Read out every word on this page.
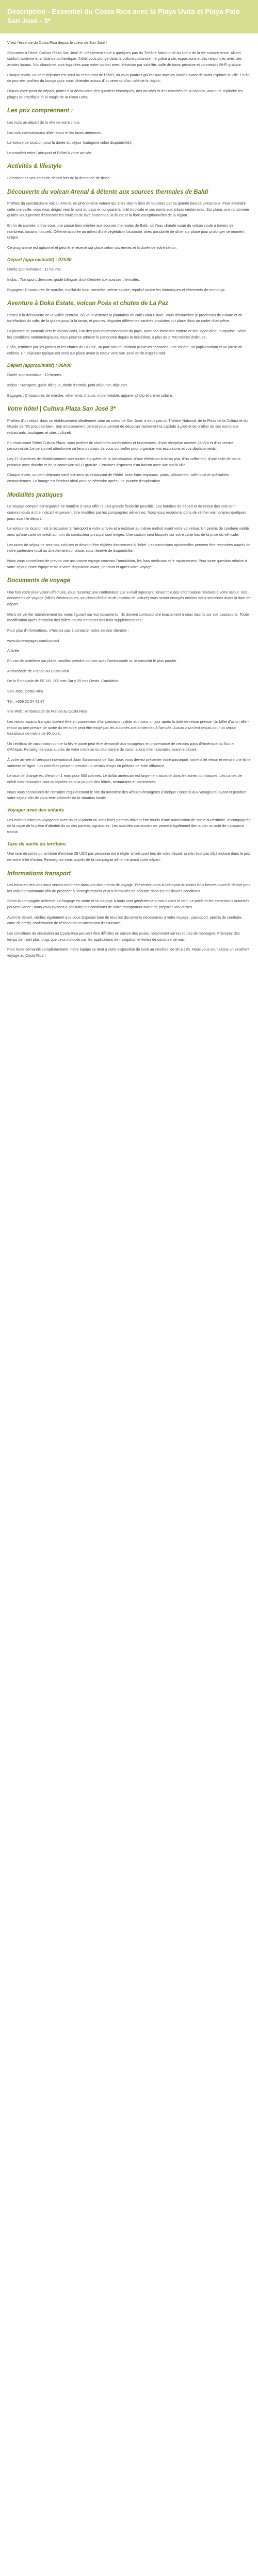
Description - Essentiel du Costa Rica avec la Playa Uvita et Playa Palo San José - 3*

Vivez l'essence du Costa Rica depuis le coeur de San José !

Séjournez à l'Hotel Cultura Plaza San José 3*, idéalement situé à quelques pas du Théâtre National et au coeur de la vie costaricienne. Alliant confort moderne et ambiance authentique, l'hôtel vous plonge dans la culture costaricienne grâce à ses expositions et ses rencontres avec des artistes locaux. Vos chambres sont équipées pour votre confort avec télévision par satellite, salle de bains privative et connexion Wi-Fi gratuite.

Chaque matin, un petit-déjeuner est servi au restaurant de l'hôtel, où vous pourrez goûter aux saveurs locales avant de partir explorer la ville. En fin de journée, profitez du lounge pour vous détendre autour d'un verre ou d'un café de la région.

Depuis votre point de départ, partez à la découverte des quartiers historiques, des musées et des marchés de la capitale, avant de rejoindre les plages du Pacifique et la magie de la Playa Uvita.

Les prix comprennent :

Les nuits au départ de la ville de votre choix.

Les vols internationaux aller-retour et les taxes aériennes.

La voiture de location pour la durée du séjour (catégorie selon disponibilité).

Le transfert entre l'aéroport et l'hôtel à votre arrivée.

Activités & lifestyle

Sélectionnez vos dates de départ lors de la demande de devis.

Découverte du volcan Arenal & détente aux sources thermales de Baldi

Profitez du spectaculaire volcan Arenal, un phénomène naturel qui attire des milliers de touristes par sa grande beauté volcanique. Pour atteindre cette merveille, vous vous dirigez vers le nord du pays en longeant la forêt tropicale et ses nombreux arbres centenaires. Sur place, une randonnée guidée vous permet d'observer les coulées de lave anciennes, la faune et la flore exceptionnelles de la région.

En fin de journée, offrez-vous une pause bien méritée aux sources thermales de Baldi, où l'eau chaude issue du volcan coule à travers de nombreux bassins naturels. Détente assurée au milieu d'une végétation luxuriante, avec possibilité de dîner sur place pour prolonger ce moment unique.

Ce programme est optionnel et peut être réservé sur place selon vos envies et la durée de votre séjour.

Départ (approximatif) : 07h30

Durée approximative : 11 heures.

Inclus : Transport, déjeuner, guide bilingue, droit d'entrée aux sources thermales.

Bagages : Chaussures de marche, maillot de bain, serviette, crème solaire, répulsif contre les moustiques et vêtements de rechange.

Aventure à Doka Estate, volcan Poás et chutes de La Paz

Partez à la découverte de la vallée centrale, où vous visiterez la plantation de café Doka Estate. Vous découvrirez le processus de culture et de torréfaction du café, de la graine jusqu'à la tasse, et pourrez déguster différentes variétés produites sur place dans un cadre champêtre.

La journée se poursuit vers le volcan Poás, l'un des plus impressionnants du pays, avec son immense cratère et son lagon d'eau turquoise. Selon les conditions météorologiques, vous pourrez admirer le panorama depuis le belvédère, à plus de 2 700 mètres d'altitude.

Enfin, terminez par les jardins et les chutes de La Paz, un parc naturel abritant plusieurs cascades, une volière, un papillonarium et un jardin de colibris. Un déjeuner typique est servi sur place avant le retour vers San José en fin d'après-midi.

Départ (approximatif) : 06h00

Durée approximative : 10 heures.

Inclus : Transport, guide bilingue, droits d'entrée, petit-déjeuner, déjeuner.

Bagages : Chaussures de marche, vêtements chauds, imperméable, appareil photo et crème solaire.

Votre hôtel | Cultura Plaza San José 3*

Profitez d'un séjour dans un établissement idéalement situé au coeur de San José, à deux pas du Théâtre National, de la Plaza de la Cultura et du Musée de l'Or précolombien. Son emplacement central vous permet de découvrir facilement la capitale à pied et de profiter de ses nombreux restaurants, boutiques et sites culturels.

En choisissant l'hôtel Cultura Plaza, vous profitez de chambres confortables et lumineuses, d'une réception ouverte 24h/24 et d'un service personnalisé. Le personnel attentionné se fera un plaisir de vous conseiller pour organiser vos excursions et vos déplacements.

Les 27 chambres de l'établissement sont toutes équipées de la climatisation, d'une télévision à écran plat, d'un coffre-fort, d'une salle de bains privative avec douche et de la connexion Wi-Fi gratuite. Certaines disposent d'un balcon avec vue sur la ville.

Chaque matin, un petit-déjeuner varié est servi au restaurant de l'hôtel, avec fruits tropicaux, pains, pâtisseries, café local et spécialités costariciennes. Le lounge est l'endroit idéal pour se détendre après une journée d'exploration.

Modalités pratiques

Le voyage complet est organisé de manière à vous offrir la plus grande flexibilité possible. Les horaires de départ et de retour des vols sont communiqués à titre indicatif et peuvent être modifiés par les compagnies aériennes. Nous vous recommandons de vérifier vos horaires quelques jours avant le départ.

La voiture de location est à récupérer à l'aéroport à votre arrivée et à restituer au même endroit avant votre vol retour. Un permis de conduire valide ainsi qu'une carte de crédit au nom du conducteur principal sont exigés. Une caution sera bloquée sur votre carte lors de la prise du véhicule.

Les taxes de séjour ne sont pas incluses et devront être réglées directement à l'hôtel. Les excursions optionnelles peuvent être réservées auprès de notre partenaire local ou directement sur place, sous réserve de disponibilité.

Nous vous conseillons de prévoir une assurance voyage couvrant l'annulation, les frais médicaux et le rapatriement. Pour toute question relative à votre séjour, notre équipe reste à votre disposition avant, pendant et après votre voyage.

Documents de voyage

Une fois votre réservation effectuée, vous recevrez une confirmation par e-mail reprenant l'ensemble des informations relatives à votre séjour. Vos documents de voyage (billets électroniques, vouchers d'hôtel et de location de voiture) vous seront envoyés environ deux semaines avant la date de départ.

Merci de vérifier attentivement les noms figurant sur vos documents : ils doivent correspondre exactement à ceux inscrits sur vos passeports. Toute modification après émission des billets pourra entraîner des frais supplémentaires.

Pour plus d'informations, n'hésitez pas à contacter notre service clientèle :

www.dunevoyages.com/contact

Arrivée

En cas de problème sur place, veuillez prendre contact avec l'ambassade ou le consulat le plus proche.

Ambassade de France au Costa Rica

De la Embajada de EE.UU. 200 mts Sur y 25 mts Oeste, Curridabat

San José, Costa Rica

Tél : +506 22 34 41 67

Site Web : Ambassade de France au Costa Rica

Les ressortissants français doivent être en possession d'un passeport valide au moins un jour après la date de retour prévue. Un billet d'avion aller-retour ou une preuve de sortie du territoire peut être exigé par les autorités costariciennes à l'arrivée. Aucun visa n'est requis pour un séjour touristique de moins de 90 jours.

Un certificat de vaccination contre la fièvre jaune peut être demandé aux voyageurs en provenance de certains pays d'Amérique du Sud et d'Afrique. Renseignez-vous auprès de votre médecin ou d'un centre de vaccinations internationales avant le départ.

À votre arrivée à l'aéroport international Juan Santamaría de San José, vous devrez présenter votre passeport, votre billet retour et remplir une fiche sanitaire en ligne. Les contrôles peuvent prendre un certain temps en période de forte affluence.

Le taux de change est d'environ 1 euro pour 600 colones. Le dollar américain est largement accepté dans les zones touristiques. Les cartes de crédit internationales sont acceptées dans la plupart des hôtels, restaurants et commerces.

Nous vous conseillons de consulter régulièrement le site du ministère des Affaires étrangères (rubrique Conseils aux voyageurs) avant et pendant votre séjour afin de vous tenir informés de la situation locale.

Voyager avec des enfants

Les enfants mineurs voyageant avec un seul parent ou sans leurs parents doivent être munis d'une autorisation de sortie du territoire, accompagnée de la copie de la pièce d'identité du ou des parents signataires. Les autorités costariciennes peuvent également demander un acte de naissance traduit.

Taxe de sortie du territoire

Une taxe de sortie du territoire d'environ 29 USD par personne est à régler à l'aéroport lors de votre départ, si elle n'est pas déjà incluse dans le prix de votre billet d'avion. Renseignez-vous auprès de la compagnie aérienne avant votre départ.

Informations transport

Les horaires des vols vous seront confirmés dans vos documents de voyage. Présentez-vous à l'aéroport au moins trois heures avant le départ pour les vols internationaux afin de procéder à l'enregistrement et aux formalités de sécurité dans les meilleures conditions.

Selon la compagnie aérienne, un bagage en soute et un bagage à main sont généralement inclus dans le tarif. Le poids et les dimensions autorisés peuvent varier ; nous vous invitons à consulter les conditions de votre transporteur avant de préparer vos valises.

Avant le départ, vérifiez également que vous disposez bien de tous les documents nécessaires à votre voyage : passeport, permis de conduire, carte de crédit, confirmation de réservation et attestation d'assurance.

Les conditions de circulation au Costa Rica peuvent être difficiles en saison des pluies, notamment sur les routes de montagne. Prévoyez des temps de trajet plus longs que ceux indiqués par les applications de navigation et évitez de conduire de nuit.

Pour toute demande complémentaire, notre équipe se tient à votre disposition du lundi au vendredi de 9h à 18h. Nous vous souhaitons un excellent voyage au Costa Rica !
